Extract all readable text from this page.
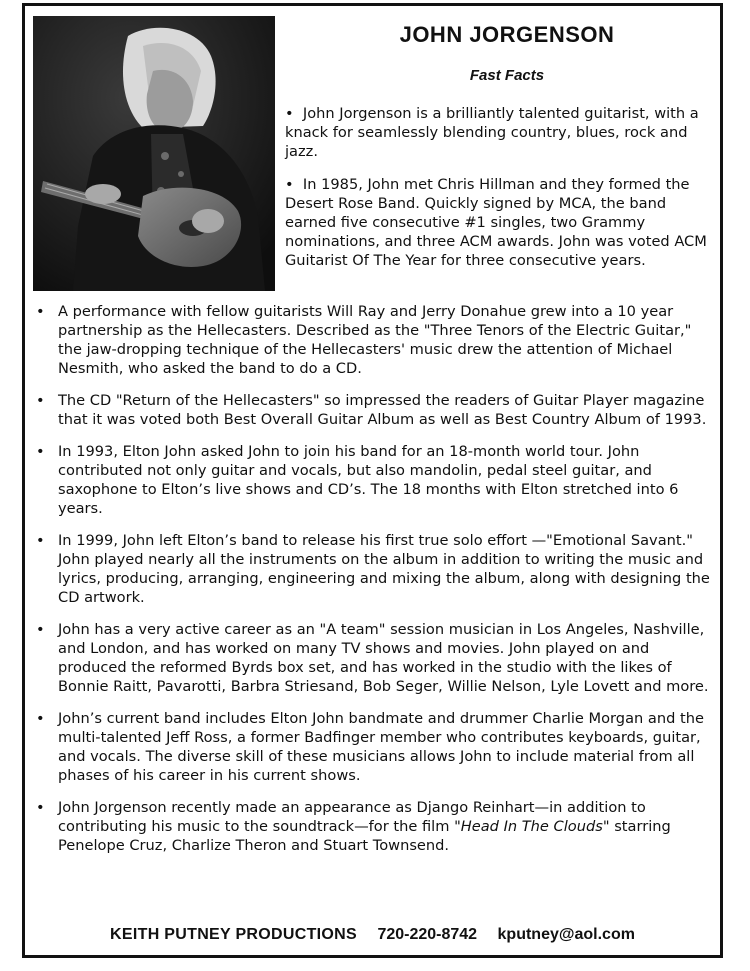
JOHN JORGENSON
Fast Facts
• John Jorgenson is a brilliantly talented guitarist, with a knack for seamlessly blending country, blues, rock and jazz.
• In 1985, John met Chris Hillman and they formed the Desert Rose Band. Quickly signed by MCA, the band earned five consecutive #1 singles, two Grammy nominations, and three ACM awards. John was voted ACM Guitarist Of The Year for three consecutive years.
• A performance with fellow guitarists Will Ray and Jerry Donahue grew into a 10 year partnership as the Hellecasters. Described as the "Three Tenors of the Electric Guitar," the jaw-dropping technique of the Hellecasters' music drew the attention of Michael Nesmith, who asked the band to do a CD.
• The CD "Return of the Hellecasters" so impressed the readers of Guitar Player magazine that it was voted both Best Overall Guitar Album as well as Best Country Album of 1993.
• In 1993, Elton John asked John to join his band for an 18-month world tour. John contributed not only guitar and vocals, but also mandolin, pedal steel guitar, and saxophone to Elton’s live shows and CD’s. The 18 months with Elton stretched into 6 years.
• In 1999, John left Elton’s band to release his first true solo effort —"Emotional Savant." John played nearly all the instruments on the album in addition to writing the music and lyrics, producing, arranging, engineering and mixing the album, along with designing the CD artwork.
• John has a very active career as an "A team" session musician in Los Angeles, Nashville, and London, and has worked on many TV shows and movies. John played on and produced the reformed Byrds box set, and has worked in the studio with the likes of Bonnie Raitt, Pavarotti, Barbra Striesand, Bob Seger, Willie Nelson, Lyle Lovett and more.
• John’s current band includes Elton John bandmate and drummer Charlie Morgan and the multi-talented Jeff Ross, a former Badfinger member who contributes keyboards, guitar, and vocals. The diverse skill of these musicians allows John to include material from all phases of his career in his current shows.
• John Jorgenson recently made an appearance as Django Reinhart—in addition to contributing his music to the soundtrack—for the film "Head In The Clouds" starring Penelope Cruz, Charlize Theron and Stuart Townsend.
KEITH PUTNEY PRODUCTIONS 720-220-8742 kputney@aol.com
